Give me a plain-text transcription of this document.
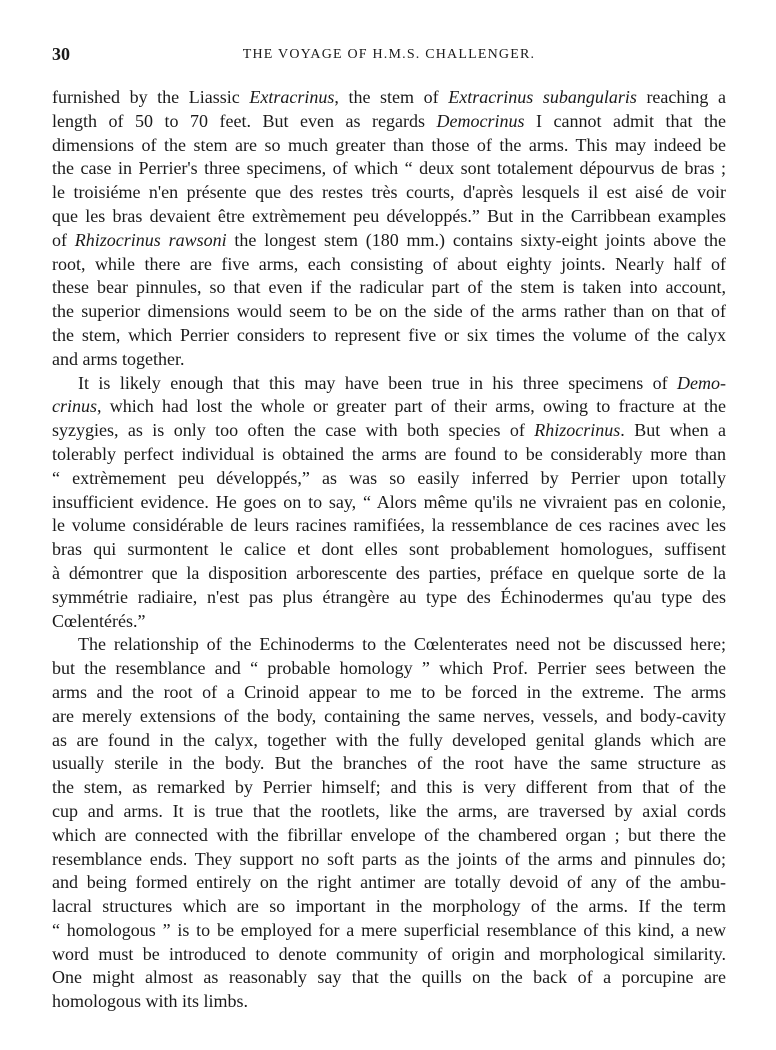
30	THE VOYAGE OF H.M.S. CHALLENGER.
furnished by the Liassic Extracrinus, the stem of Extracrinus subangularis reaching a
length of 50 to 70 feet. But even as regards Democrinus I cannot admit that the
dimensions of the stem are so much greater than those of the arms. This may indeed be
the case in Perrier's three specimens, of which “ deux sont totalement dépourvus de bras ;
le troisiéme n'en présente que des restes très courts, d'après lesquels il est aisé de voir
que les bras devaient être extrèmement peu développés.” But in the Carribbean examples
of Rhizocrinus rawsoni the longest stem (180 mm.) contains sixty-eight joints above the
root, while there are five arms, each consisting of about eighty joints. Nearly half of
these bear pinnules, so that even if the radicular part of the stem is taken into account,
the superior dimensions would seem to be on the side of the arms rather than on that of
the stem, which Perrier considers to represent five or six times the volume of the calyx
and arms together.
It is likely enough that this may have been true in his three specimens of Demo-
crinus, which had lost the whole or greater part of their arms, owing to fracture at the
syzygies, as is only too often the case with both species of Rhizocrinus. But when a
tolerably perfect individual is obtained the arms are found to be considerably more than
“ extrèmement peu développés,” as was so easily inferred by Perrier upon totally
insufficient evidence. He goes on to say, “ Alors même qu'ils ne vivraient pas en colonie,
le volume considérable de leurs racines ramifiées, la ressemblance de ces racines avec les
bras qui surmontent le calice et dont elles sont probablement homologues, suffisent
à démontrer que la disposition arborescente des parties, préface en quelque sorte de la
symmétrie radiaire, n'est pas plus étrangère au type des Échinodermes qu'au type des
Cœlentérés.”
The relationship of the Echinoderms to the Cœlenterates need not be discussed here;
but the resemblance and “ probable homology ” which Prof. Perrier sees between the
arms and the root of a Crinoid appear to me to be forced in the extreme. The arms
are merely extensions of the body, containing the same nerves, vessels, and body-cavity
as are found in the calyx, together with the fully developed genital glands which are
usually sterile in the body. But the branches of the root have the same structure as
the stem, as remarked by Perrier himself; and this is very different from that of the
cup and arms. It is true that the rootlets, like the arms, are traversed by axial cords
which are connected with the fibrillar envelope of the chambered organ ; but there the
resemblance ends. They support no soft parts as the joints of the arms and pinnules do;
and being formed entirely on the right antimer are totally devoid of any of the ambu-
lacral structures which are so important in the morphology of the arms. If the term
“ homologous ” is to be employed for a mere superficial resemblance of this kind, a new
word must be introduced to denote community of origin and morphological similarity.
One might almost as reasonably say that the quills on the back of a porcupine are
homologous with its limbs.
